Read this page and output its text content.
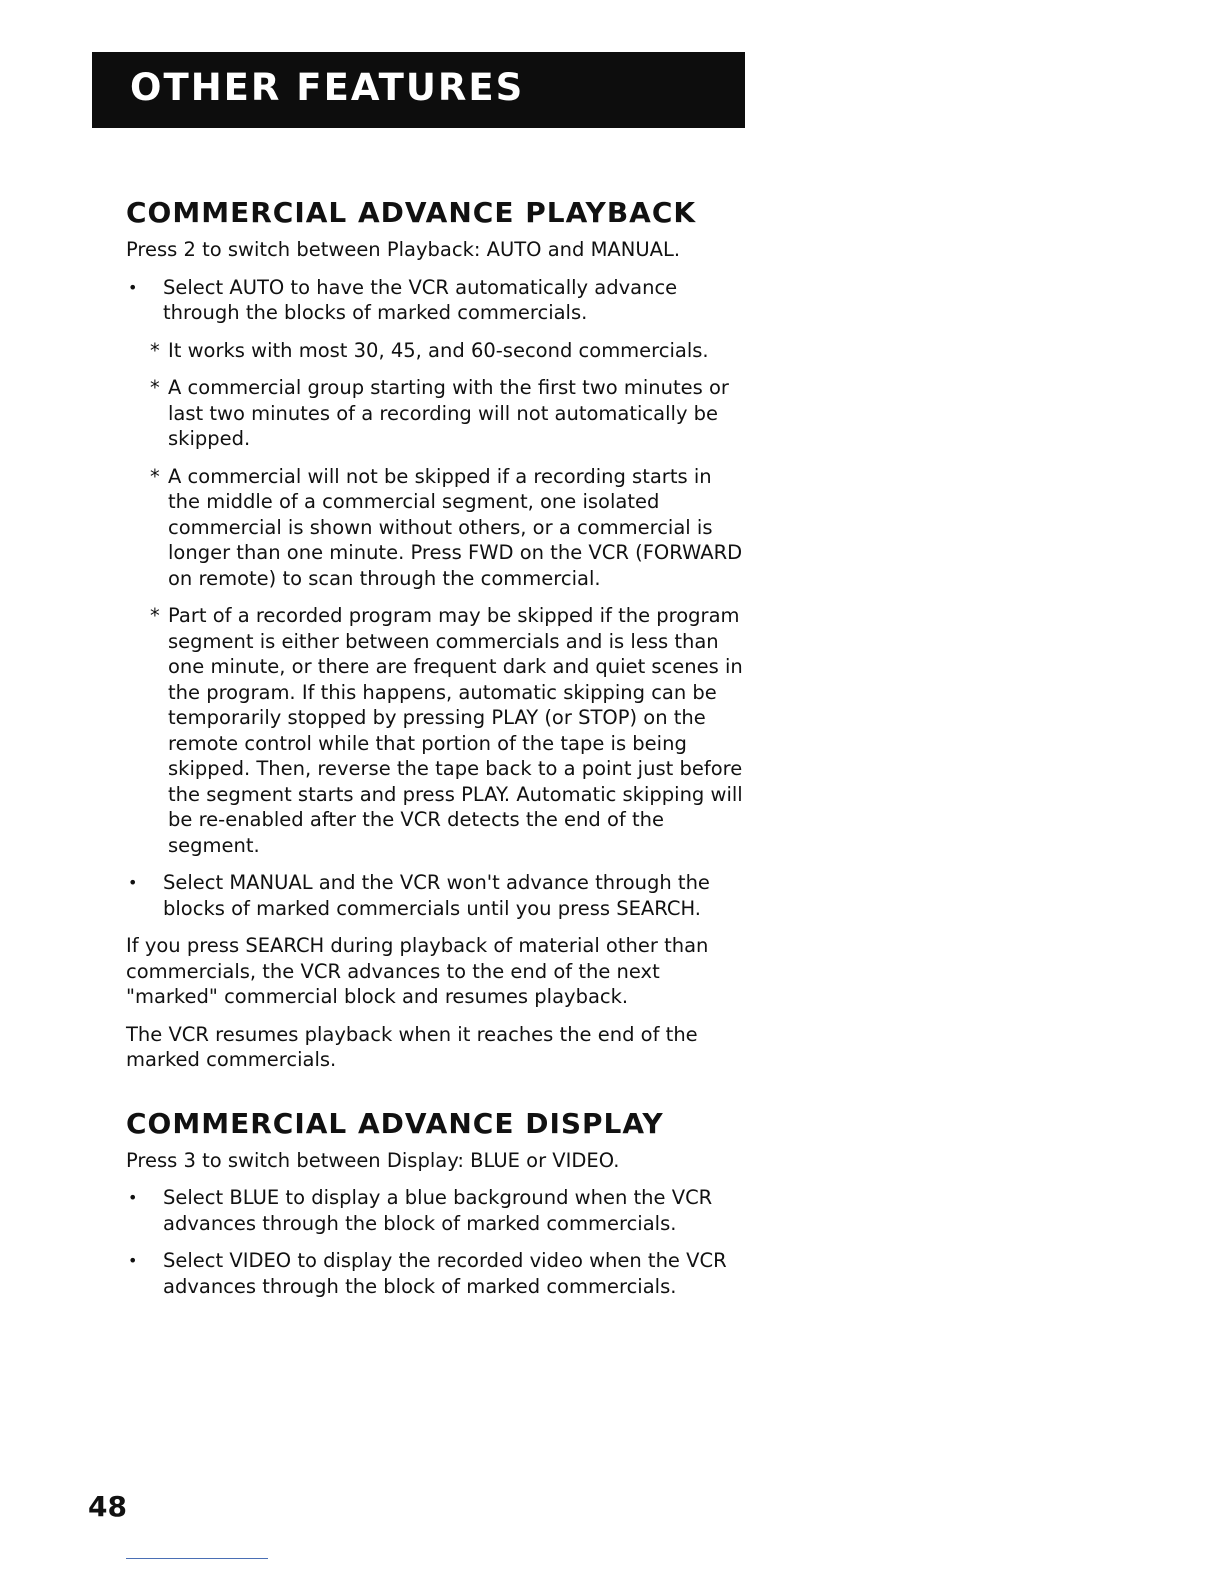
OTHER FEATURES
COMMERCIAL ADVANCE PLAYBACK
Press 2 to switch between Playback: AUTO and MANUAL.
• Select AUTO to have the VCR automatically advance through the blocks of marked commercials.
* It works with most 30, 45, and 60-second commercials.
* A commercial group starting with the first two minutes or last two minutes of a recording will not automatically be skipped.
* A commercial will not be skipped if a recording starts in the middle of a commercial segment, one isolated commercial is shown without others, or a commercial is longer than one minute. Press FWD on the VCR (FORWARD on remote) to scan through the commercial.
* Part of a recorded program may be skipped if the program segment is either between commercials and is less than one minute, or there are frequent dark and quiet scenes in the program. If this happens, automatic skipping can be temporarily stopped by pressing PLAY (or STOP) on the remote control while that portion of the tape is being skipped. Then, reverse the tape back to a point just before the segment starts and press PLAY. Automatic skipping will be re-enabled after the VCR detects the end of the segment.
• Select MANUAL and the VCR won't advance through the blocks of marked commercials until you press SEARCH.
If you press SEARCH during playback of material other than commercials, the VCR advances to the end of the next "marked" commercial block and resumes playback.
The VCR resumes playback when it reaches the end of the marked commercials.
COMMERCIAL ADVANCE DISPLAY
Press 3 to switch between Display: BLUE or VIDEO.
• Select BLUE to display a blue background when the VCR advances through the block of marked commercials.
• Select VIDEO to display the recorded video when the VCR advances through the block of marked commercials.
48
